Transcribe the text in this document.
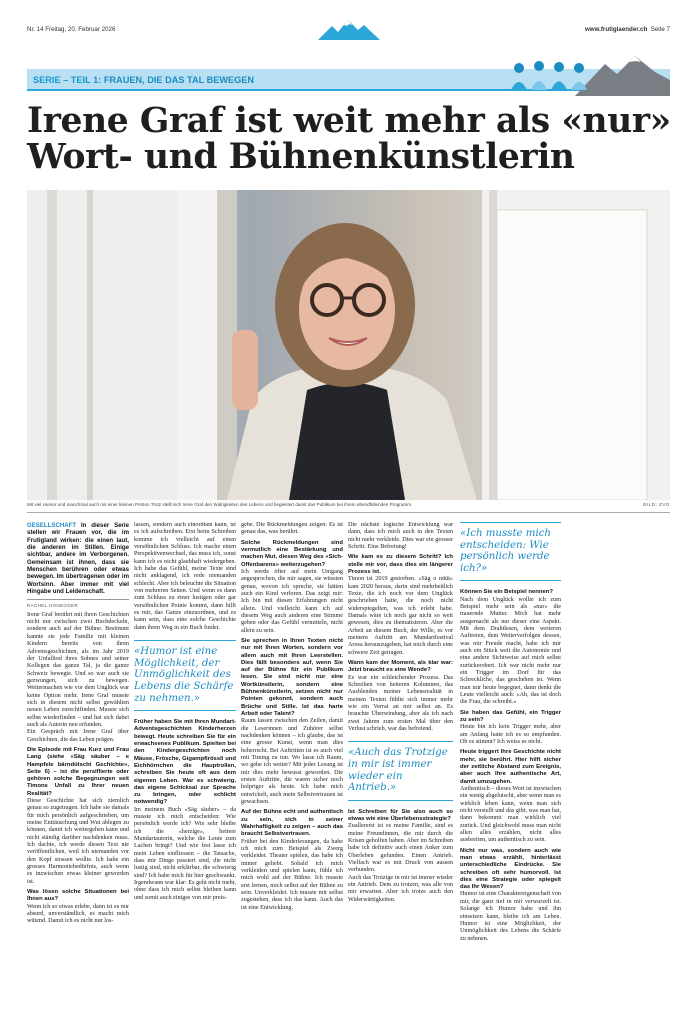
Nr. 14 Freitag, 20. Februar 2026	www.frutiglaender.ch Seite 7
SERIE – TEIL 1: FRAUEN, DIE DAS TAL BEWEGEN
Irene Graf ist weit mehr als «nur»
Wort- und Bühnenkünstlerin
Mit viel Humor und manchmal auch mit einer kleinen Portion Trotz stellt sich Irene Graf den Widrigkeiten des Lebens und begeistert damit das Publikum bei ihrem abendfüllenden Programm.	BILD: ZVG

GESELLSCHAFT In dieser Serie stellen wir Frauen vor, die im Frutigland wirken: die einen laut, die anderen im Stillen. Einige sichtbar, andere im Verborgenen. Gemeinsam ist ihnen, dass sie Menschen berühren oder etwas bewegen. Im übertragenen oder im Wortsinn. Aber immer mit viel Hingabe und Leidenschaft.

RACHEL HONEGGER

Irene Graf berührt mit ihren Geschichten nicht nur zwischen zwei Buchdeckeln, sondern auch auf der Bühne. Bestimmt kannte sie jede Familie mit kleinen Kindern bereits von ihren Adventsgeschichten, als im Jahr 2019 der Unfalltod ihres Sohnes und seiner Kollegen das ganze Tal, ja die ganze Schweiz bewegte. Und so war auch sie gezwungen, sich zu bewegen. Weitermachen wie vor dem Unglück war keine Option mehr. Irene Graf musste sich in diesem nicht selbst gewählten neuen Leben zurechtfinden. Musste sich selbst wiederfinden – und hat sich dabei auch als Autorin neu erfunden.

Ein Gespräch mit Irene Graf über Geschichten, die das Leben prägen.

Die Episode mit Frau Kurz und Frau Lang (siehe «Säg säuber – e Hampfele bärndütschi Gschichte», Seite 6) – ist die persiflierte oder gehören solche Begegnungen seit Timons Unfall zu Ihrer neuen Realität?

Diese Geschichte hat sich ziemlich genau so zugetragen. Ich habe sie damals für mich persönlich aufgeschrieben, um meine Enttäuschung und Wut ablegen zu können, damit ich weitergehen kann und nicht ständig darüber nachdenken muss. Ich dachte, ich werde diesen Text nie veröffentlichen, weil ich niemanden vor den Kopf stossen wollte. Ich habe ein grosses Harmoniebedürfnis, auch wenn es inzwischen etwas kleiner geworden ist.

Was lösen solche Situationen bei Ihnen aus?

Wenn ich so etwas erlebe, dann ist es nur absurd, unverständlich, es macht mich wütend. Damit ich es nicht nur los-

lassen, sondern auch einordnen kann, ist es ich aufschreiben. Erst beim Schreiben komme ich vielleicht auf einen versöhnlichen Schluss. Ich mache einen Perspektivenwechsel, das muss ich, sonst kann ich es nicht glaubhaft wiedergeben. Ich habe das Gefühl, meine Texte sind nicht anklagend, ich rede niemanden schlecht. Aber ich beleuchte die Situation von mehreren Seiten. Und wenn es dann zum Schluss zu einer lustigen oder gar versöhnlichen Pointe kommt, dann hilft es mir, das Ganze einzuordnen, und es kann sein, dass eine solche Geschichte dann ihren Weg in ein Buch findet.

«Humor ist eine Möglichkeit, der Unmöglichkeit des Lebens die Schärfe zu nehmen.»

Früher haben Sie mit Ihren Mundart-Adventsgeschichten Kinderherzen bewegt. Heute schreiben Sie für ein erwachsenes Publikum. Spielten bei den Kindergeschichten noch Mäuse, Frösche, Gigampfirössli und Eichhörnchen die Hauptrollen, schreiben Sie heute oft aus dem eigenen Leben. War es schwierig, das eigene Schicksal zur Sprache zu bringen, oder schlicht notwendig?

Im meinem Buch «Säg säuber» – da musste ich mich entscheiden: Wie persönlich werde ich? Wie sehr bleibe ich die «herzige», heitere Mundartautorin, welche die Leute zum Lachen bringt? Und wie fest lasse ich mein Leben einfliessen – die Tatsache, dass mir Dinge passiert sind, die nicht lustig sind, nicht erklärbar, die schwierig sind? Ich habe mich für hier geschwankt. Irgendwann war klar: Es geht nicht mehr, ohne dass ich mich selbst bleiben kann und somit auch einiges von mir preis-

gebe. Die Rückmeldungen zeigen: Es ist genau das, was berührt.

Solche Rückmeldungen sind vermutlich eine Bestärkung und machen Mut, diesen Weg des «Sich-Offenbarens» weiterzugehen?

Ich werde öfter auf mein Umgang angesprochen, die mir sagen, sie wüssten genau, wovon ich spreche, sie hätten auch ein Kind verloren. Das zeigt mir: Ich bin mit diesen Erfahrungen nicht allein. Und vielleicht kann ich auf diesem Weg auch anderen eine Stimme geben oder das Gefühl vermitteln, nicht allein zu sein.

Sie sprechen in Ihren Texten nicht nur mit Ihren Worten, sondern vor allem auch mit Ihren Leerstellen. Dies fällt besonders auf, wenn Sie auf der Bühne für ein Publikum lesen. Sie sind nicht nur eine Wortkünstlerin, sondern eine Bühnenkünstlerin, setzen nicht nur Pointen gekonnt, sondern auch Brüche und Stille. Ist das harte Arbeit oder Talent?

Raum lassen zwischen den Zeilen, damit die Leserinnen und Zuhörer selbst nachdenken können – ich glaube, das ist eine grosse Kunst, wenn man dies beherrscht. Bei Auftritten ist es auch viel mit Timing zu tun. Wo lasse ich Raum, wo gehe ich weiter? Mit jeder Lesung ist mir dies mehr bewusst geworden. Die ersten Auftritte, die waren sicher noch holpriger als heute. Ich habe mich entwickelt, auch mein Selbstvertrauen ist gewachsen.

Auf der Bühne echt und authentisch zu sein, sich in seiner Wahrhaftigkeit zu zeigen – auch das braucht Selbstvertrauen.

Früher bei den Kinderlesungen, da habe ich mich zum Beispiel als Zwerg verkleidet. Theater spielen, das habe ich immer geliebt. Sobald ich mich verkleiden und spielen kann, fühle ich mich wohl auf der Bühne. Ich musste erst lernen, mich selbst auf der Bühne zu sein. Unverkleidet. Ich musste mir selbst zugestehen, dass ich das kann. Auch das ist eine Entwicklung.

Die nächste logische Entwicklung war dann, dass ich mich auch in den Texten nicht mehr verkleide. Dies war ein grosser Schritt. Eine Befreiung!

Wie kam es zu diesem Schritt? Ich stelle mir vor, dass dies ein längerer Prozess ist.

Timon ist 2019 gestorben. «Säg o nüüt» kam 2020 heraus, darin sind mehrheitlich Texte, die ich noch vor dem Unglück geschrieben hatte, die noch nicht widerspiegelten, was ich erlebt habe. Damals wäre ich noch gar nicht so weit gewesen, dies zu thematisieren. Aber die Arbeit an diesem Buch, der Wille, es vor meinem Auftritt am Mundartfestival Arosa herauszugeben, hat mich durch eine schwere Zeit getragen.

Wann kam der Moment, als klar war: Jetzt braucht es eine Wende?

Es war ein schleichender Prozess. Das Schreiben von heiteren Kolumnen, das Ausblenden meiner Lebensrealität in meinen Texten fühlte sich immer mehr wie ein Verrat an mir selbst an. Es brauchte Überwindung, aber als ich nach zwei Jahren zum ersten Mal über den Verlust schrieb, war das befreiend.

«Auch das Trotzige in mir ist immer wieder ein Antrieb.»

Ist Schreiben für Sie also auch so etwas wie eine Überlebensstrategie?

Zuallererst ist es meine Familie, sind es meine Freundinnen, die mir durch die Krisen geholfen haben. Aber im Schreiben habe ich definitiv auch einen Anker zum Überleben gefunden. Einen Antrieb. Vielfach war es mit Druck von aussen verbunden.

Auch das Trotzige in mir ist immer wieder ein Antrieb. Dem zu trotzen, was alle von mir erwarten. Aber ich trotze auch den Widerwärtigkeiten.

«Ich musste mich entscheiden: Wie persönlich werde ich?»

Können Sie ein Beispiel nennen?

Nach dem Unglück wollte ich zum Beispiel mehr sein als «nur» die trauernde Mutter. Mich hat mehr ausgemacht als nur dieser eine Aspekt. Mit dem Drahtlesen, dem weiteren Auftreten, dem Weiterverfolgen dessen, was mir Freude macht, habe ich mir auch ein Stück weit die Autonomie und eine andere Sichtweise auf mich selbst zurückerobert. Ich war nicht mehr nur ein Trigger im Dorf für das Schreckliche, das geschehen ist. Wenn man mir heute begegnet, dann denkt die Leute vielleicht auch: «Ah, das ist doch die Frau, die schreibt.»

Sie haben das Gefühl, ein Trigger zu sein?

Heute bin ich kein Trigger mehr, aber am Anfang hatte ich es so empfunden. Ob es stimmt? Ich weiss es nicht.

Heute triggert Ihre Geschichte nicht mehr, sie berührt. Hier hilft sicher der zeitliche Abstand zum Ereignis, aber auch Ihre authentische Art, damit umzugehen.

Authentisch – dieses Wort ist inzwischen ein wenig abgelutscht, aber wenn man es wirklich leben kann, wenn man sich nicht verstellt und das gibt, was man hat, dann bekommt man wirklich viel zurück. Und gleichwohl muss man nicht allen alles erzählen, nicht alles ausbreiten, um authentisch zu sein.

Nicht nur was, sondern auch wie man etwas erzählt, hinterlässt unterschiedliche Eindrücke. Sie schreiben oft sehr humorvoll. Ist dies eine Strategie oder spiegelt das Ihr Wesen?

Humor ist eine Charaktereigenschaft von mir, die ganz tief in mir verwurzelt ist. Solange ich Humor habe und ihn einsetzen kann, bleibe ich am Leben. Humor ist eine Möglichkeit, der Unmöglichkeit des Lebens die Schärfe zu nehmen.
